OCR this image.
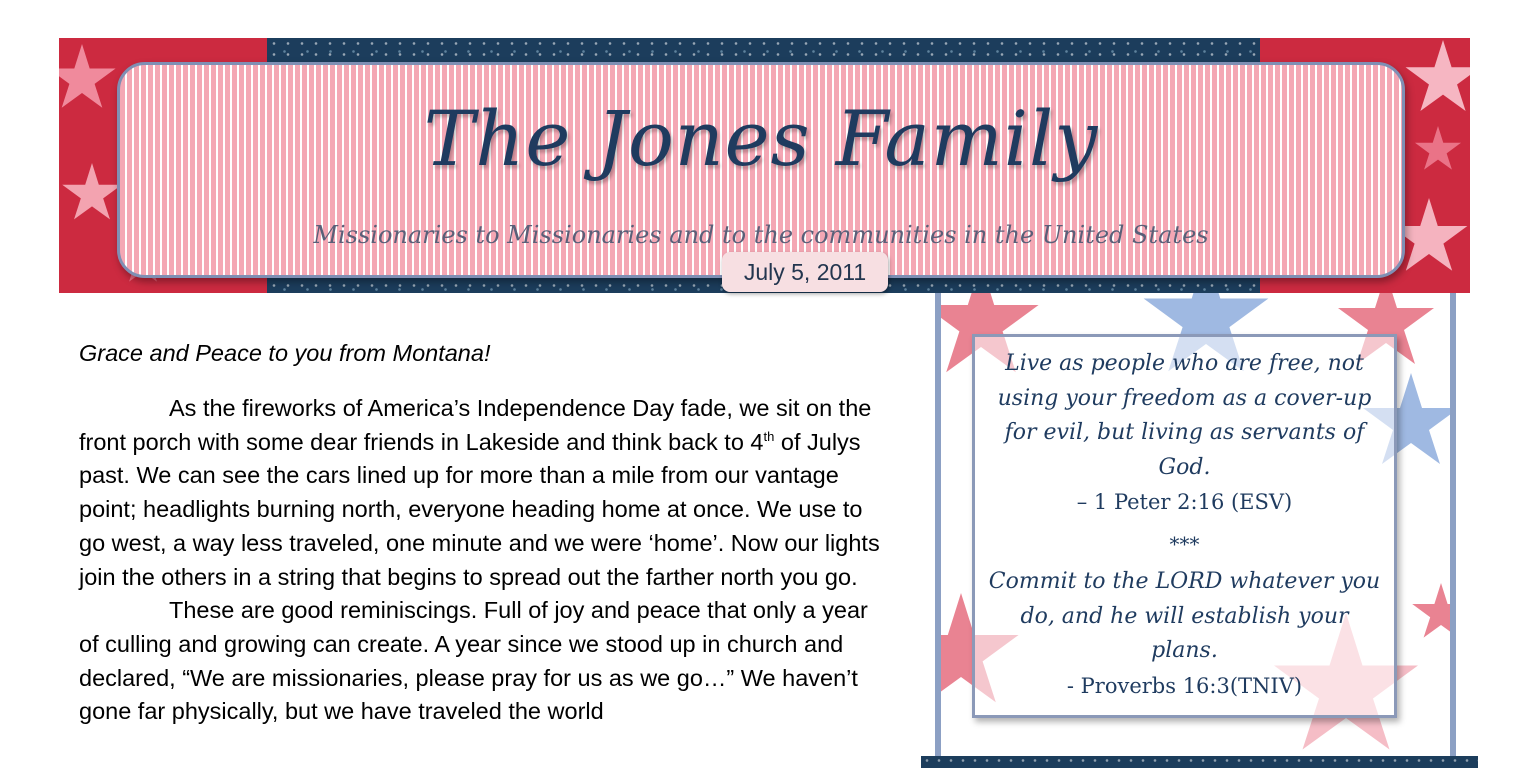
The Jones Family
Missionaries to Missionaries and to the communities in the United States
July 5, 2011

Grace and Peace to you from Montana!

As the fireworks of America’s Independence Day fade, we sit on the front porch with some dear friends in Lakeside and think back to 4th of Julys past. We can see the cars lined up for more than a mile from our vantage point; headlights burning north, everyone heading home at once. We use to go west, a way less traveled, one minute and we were ‘home’. Now our lights join the others in a string that begins to spread out the farther north you go.

These are good reminiscings. Full of joy and peace that only a year of culling and growing can create. A year since we stood up in church and declared, “We are missionaries, please pray for us as we go…” We haven’t gone far physically, but we have traveled the world

Live as people who are free, not using your freedom as a cover-up for evil, but living as servants of God.
– 1 Peter 2:16 (ESV)
***
Commit to the LORD whatever you do, and he will establish your plans.
- Proverbs 16:3(TNIV)
